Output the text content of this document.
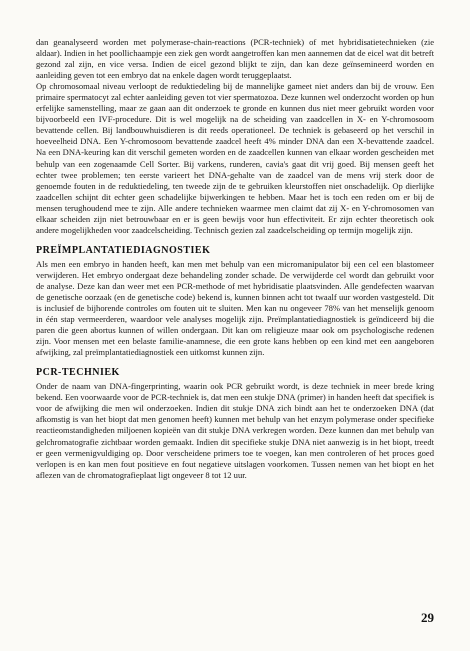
dan geanalyseerd worden met polymerase-chain-reactions (PCR-techniek) of met hybridisatietechnieken (zie aldaar). Indien in het poollichaampje een ziek gen wordt aangetroffen kan men aannemen dat de eicel wat dit betreft gezond zal zijn, en vice versa. Indien de eicel gezond blijkt te zijn, dan kan deze geïnsemineerd worden en aanleiding geven tot een embryo dat na enkele dagen wordt teruggeplaatst.

Op chromosomaal niveau verloopt de reduktiedeling bij de mannelijke gameet niet anders dan bij de vrouw. Een primaire spermatocyt zal echter aanleiding geven tot vier spermatozoa. Deze kunnen wel onderzocht worden op hun erfelijke samenstelling, maar ze gaan aan dit onderzoek te gronde en kunnen dus niet meer gebruikt worden voor bijvoorbeeld een IVF-procedure. Dit is wel mogelijk na de scheiding van zaadcellen in X- en Y-chromosoom bevattende cellen. Bij landbouwhuisdieren is dit reeds operationeel. De techniek is gebaseerd op het verschil in hoeveelheid DNA. Een Y-chromosoom bevattende zaadcel heeft 4% minder DNA dan een X-bevattende zaadcel. Na een DNA-keuring kan dit verschil gemeten worden en de zaadcellen kunnen van elkaar worden gescheiden met behulp van een zogenaamde Cell Sorter. Bij varkens, runderen, cavia's gaat dit vrij goed. Bij mensen geeft het echter twee problemen; ten eerste varieert het DNA-gehalte van de zaadcel van de mens vrij sterk door de genoemde fouten in de reduktiedeling, ten tweede zijn de te gebruiken kleurstoffen niet onschadelijk. Op dierlijke zaadcellen schijnt dit echter geen schadelijke bijwerkingen te hebben. Maar het is toch een reden om er bij de mensen terughoudend mee te zijn. Alle andere technieken waarmee men claimt dat zij X- en Y-chromosomen van elkaar scheiden zijn niet betrouwbaar en er is geen bewijs voor hun effectiviteit. Er zijn echter theoretisch ook andere mogelijkheden voor zaadcelscheiding. Technisch gezien zal zaadcelscheiding op termijn mogelijk zijn.

PREÏMPLANTATIEDIAGNOSTIEK

Als men een embryo in handen heeft, kan men met behulp van een micromanipulator bij een cel een blastomeer verwijderen. Het embryo ondergaat deze behandeling zonder schade. De verwijderde cel wordt dan gebruikt voor de analyse. Deze kan dan weer met een PCR-methode of met hybridisatie plaatsvinden. Alle gendefecten waarvan de genetische oorzaak (en de genetische code) bekend is, kunnen binnen acht tot twaalf uur worden vastgesteld. Dit is inclusief de bijhorende controles om fouten uit te sluiten. Men kan nu ongeveer 78% van het menselijk genoom in één stap vermeerderen, waardoor vele analyses mogelijk zijn. Preïmplantatiediagnostiek is geïndiceerd bij die paren die geen abortus kunnen of willen ondergaan. Dit kan om religieuze maar ook om psychologische redenen zijn. Voor mensen met een belaste familie-anamnese, die een grote kans hebben op een kind met een aangeboren afwijking, zal preïmplantatiediagnostiek een uitkomst kunnen zijn.

PCR-TECHNIEK

Onder de naam van DNA-fingerprinting, waarin ook PCR gebruikt wordt, is deze techniek in meer brede kring bekend. Een voorwaarde voor de PCR-techniek is, dat men een stukje DNA (primer) in handen heeft dat specifiek is voor de afwijking die men wil onderzoeken. Indien dit stukje DNA zich bindt aan het te onderzoeken DNA (dat afkomstig is van het biopt dat men genomen heeft) kunnen met behulp van het enzym polymerase onder specifieke reactieomstandigheden miljoenen kopieën van dit stukje DNA verkregen worden. Deze kunnen dan met behulp van gelchromatografie zichtbaar worden gemaakt. Indien dit specifieke stukje DNA niet aanwezig is in het biopt, treedt er geen vermenigvuldiging op. Door verscheidene primers toe te voegen, kan men controleren of het proces goed verlopen is en kan men fout positieve en fout negatieve uitslagen voorkomen. Tussen nemen van het biopt en het aflezen van de chromatografieplaat ligt ongeveer 8 tot 12 uur.

29
